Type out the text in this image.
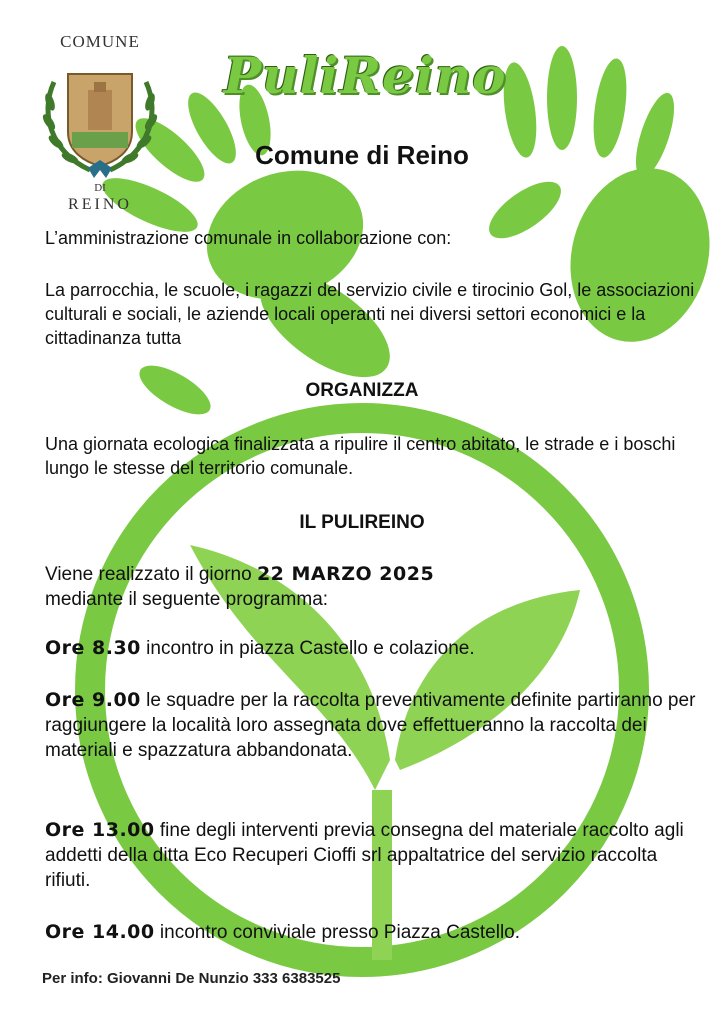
COMUNE
DI
REINO
PuliReino
Comune di Reino
L’amministrazione comunale in collaborazione con:
La parrocchia, le scuole, i ragazzi del servizio civile e tirocinio Gol, le associazioni culturali e sociali, le aziende locali operanti nei diversi settori economici e la cittadinanza tutta
ORGANIZZA
Una giornata ecologica finalizzata a ripulire il centro abitato, le strade e i boschi lungo le stesse del territorio comunale.
IL PULIREINO
Viene realizzato il giorno 22 MARZO 2025
mediante il seguente programma:
Ore 8.30 incontro in piazza Castello e colazione.
Ore 9.00 le squadre per la raccolta preventivamente definite partiranno per raggiungere la località loro assegnata dove effettueranno la raccolta dei materiali e spazzatura abbandonata.
Ore 13.00 fine degli interventi previa consegna del materiale raccolto agli addetti della ditta Eco Recuperi Cioffi srl appaltatrice del servizio raccolta rifiuti.
Ore 14.00 incontro conviviale presso Piazza Castello.
Per info: Giovanni De Nunzio 333 6383525
